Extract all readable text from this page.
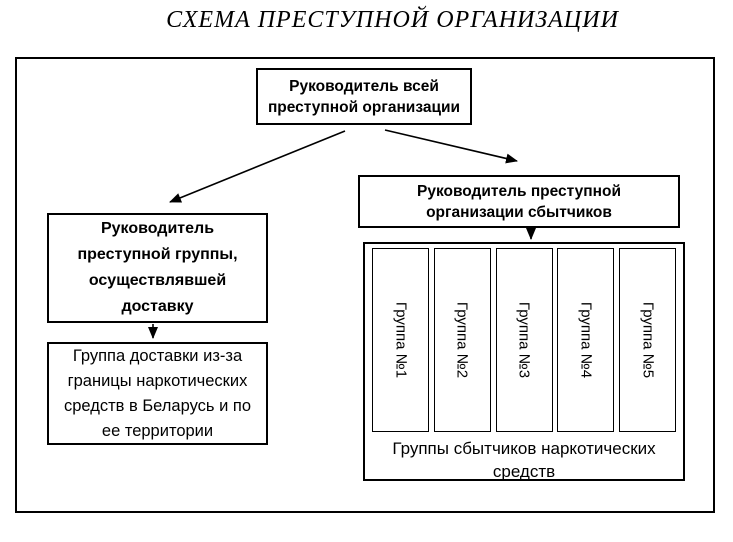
СХЕМА ПРЕСТУПНОЙ ОРГАНИЗАЦИИ
Руководитель всей
преступной организации
Руководитель преступной
организации сбытчиков
Руководитель
преступной группы,
осуществлявшей
доставку
Группа доставки из-за
границы наркотических
средств в Беларусь и по
ее территории
Группа №1	Группа №2	Группа №3	Группа №4	Группа №5
Группы сбытчиков наркотических
средств
